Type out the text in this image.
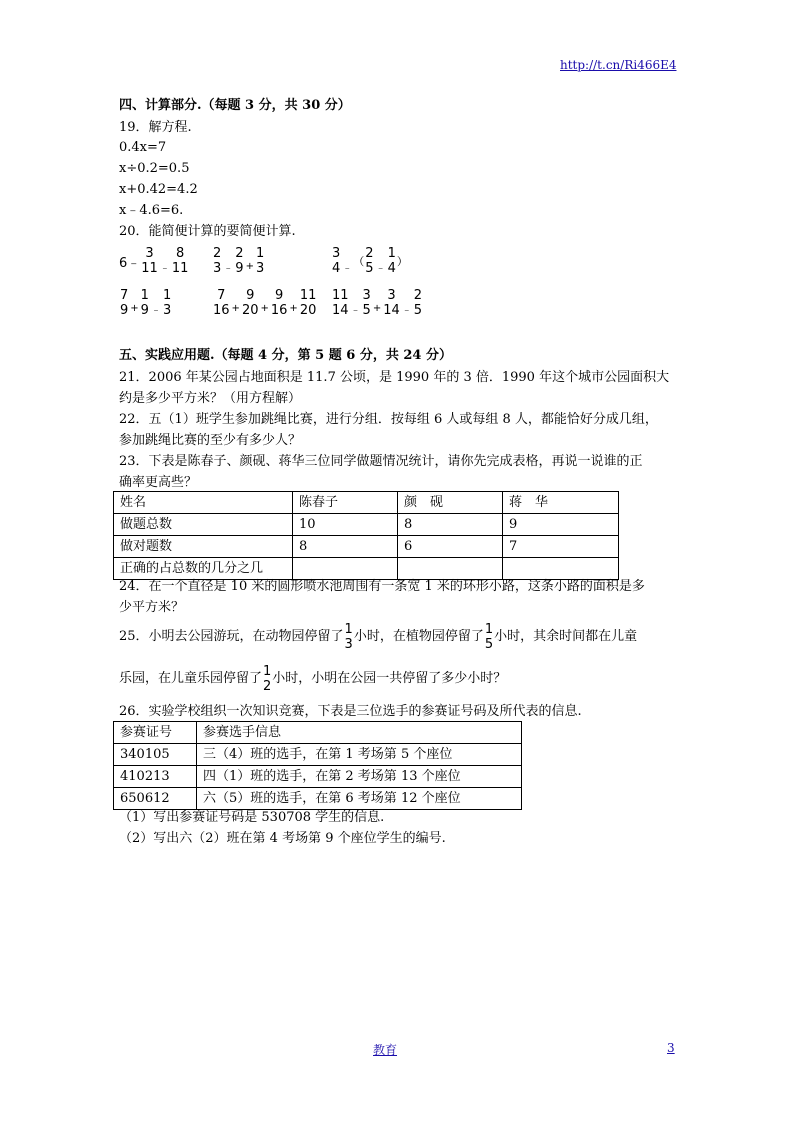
http://t.cn/Ri466E4
四、计算部分.（每题 3 分，共 30 分）
19．解方程.
0.4x=7
x÷0.2=0.5
x+0.42=4.2
x﹣4.6=6.
20．能简便计算的要简便计算.
6﹣
3
11 ﹣
8
11
2
3 ﹣
2
9 +
1
3
3
4 ﹣ （
2
5 ﹣
1
4 ）
7
9 +
1
9 ﹣
1
3
7
16 +
9
20 +
9
16 +
11
20
11
14 ﹣
3
5 +
3
14 ﹣
2
5
五、实践应用题.（每题 4 分，第 5 题 6 分，共 24 分）
21．2006 年某公园占地面积是 11.7 公顷，是 1990 年的 3 倍．1990 年这个城市公园面积大
约是多少平方米？（用方程解）
22．五（1）班学生参加跳绳比赛，进行分组．按每组 6 人或每组 8 人，都能恰好分成几组，
参加跳绳比赛的至少有多少人？
23．下表是陈春子、颜砚、蒋华三位同学做题情况统计，请你先完成表格，再说一说谁的正
确率更高些？
姓名	陈春子	颜　砚	蒋　华
做题总数	10	8	9
做对题数	8	6	7
正确的占总数的几分之几			
24．在一个直径是 10 米的圆形喷水池周围有一条宽 1 米的环形小路，这条小路的面积是多
少平方米？
25．小明去公园游玩，在动物园停留了 1
3
小时，在植物园停留了 1
5
小时，其余时间都在儿童
乐园，在儿童乐园停留了 1
2
小时，小明在公园一共停留了多少小时？
26．实验学校组织一次知识竞赛，下表是三位选手的参赛证号码及所代表的信息.
参赛证号	参赛选手信息
340105	三（4）班的选手，在第 1 考场第 5 个座位
410213	四（1）班的选手，在第 2 考场第 13 个座位
650612	六（5）班的选手，在第 6 考场第 12 个座位
（1）写出参赛证号码是 530708 学生的信息.
（2）写出六（2）班在第 4 考场第 9 个座位学生的编号.
教育	3
